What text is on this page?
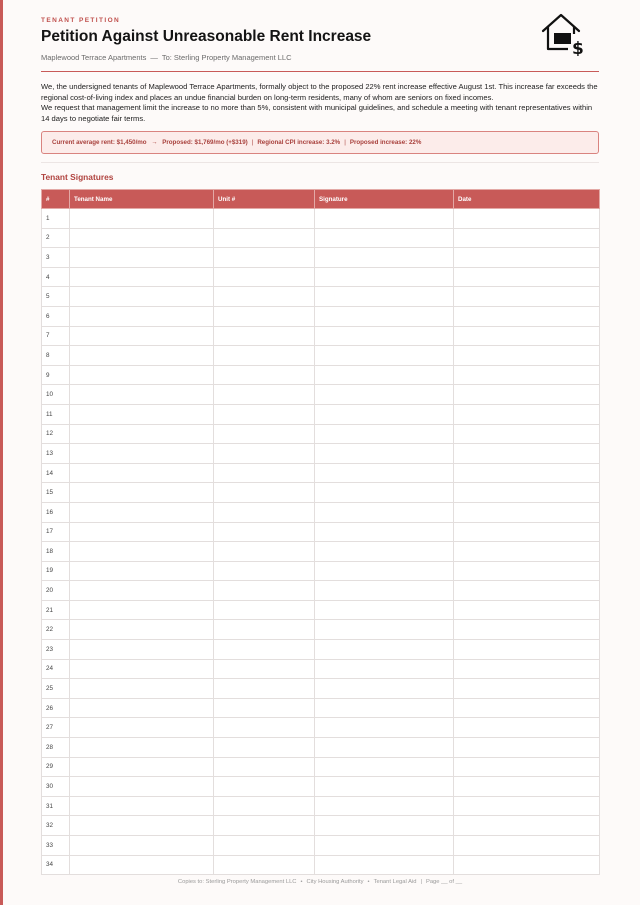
TENANT PETITION
Petition Against Unreasonable Rent Increase
Maplewood Terrace Apartments — To: Sterling Property Management LLC	$

We, the undersigned tenants of Maplewood Terrace Apartments, formally object to the proposed 22% rent increase effective August 1st. This increase far exceeds the regional cost-of-living index and places an undue financial burden on long-term residents, many of whom are seniors on fixed incomes.

We request that management limit the increase to no more than 5%, consistent with municipal guidelines, and schedule a meeting with tenant representatives within 14 days to negotiate fair terms.

Current average rent: $1,450/mo → Proposed: $1,769/mo (+$319) | Regional CPI increase: 3.2% | Proposed increase: 22%
Tenant Signatures
#	Tenant Name	Unit #	Signature	Date
1				
2				
3				
4				
5				
6				
7				
8				
9				
10				
11				
12				
13				
14				
15				
16				
17				
18				
19				
20				
21				
22				
23				
24				
25				
26				
27				
28				
29				
30				
31				
32				
33				
34				
Copies to: Sterling Property Management LLC • City Housing Authority • Tenant Legal Aid | Page __ of __
